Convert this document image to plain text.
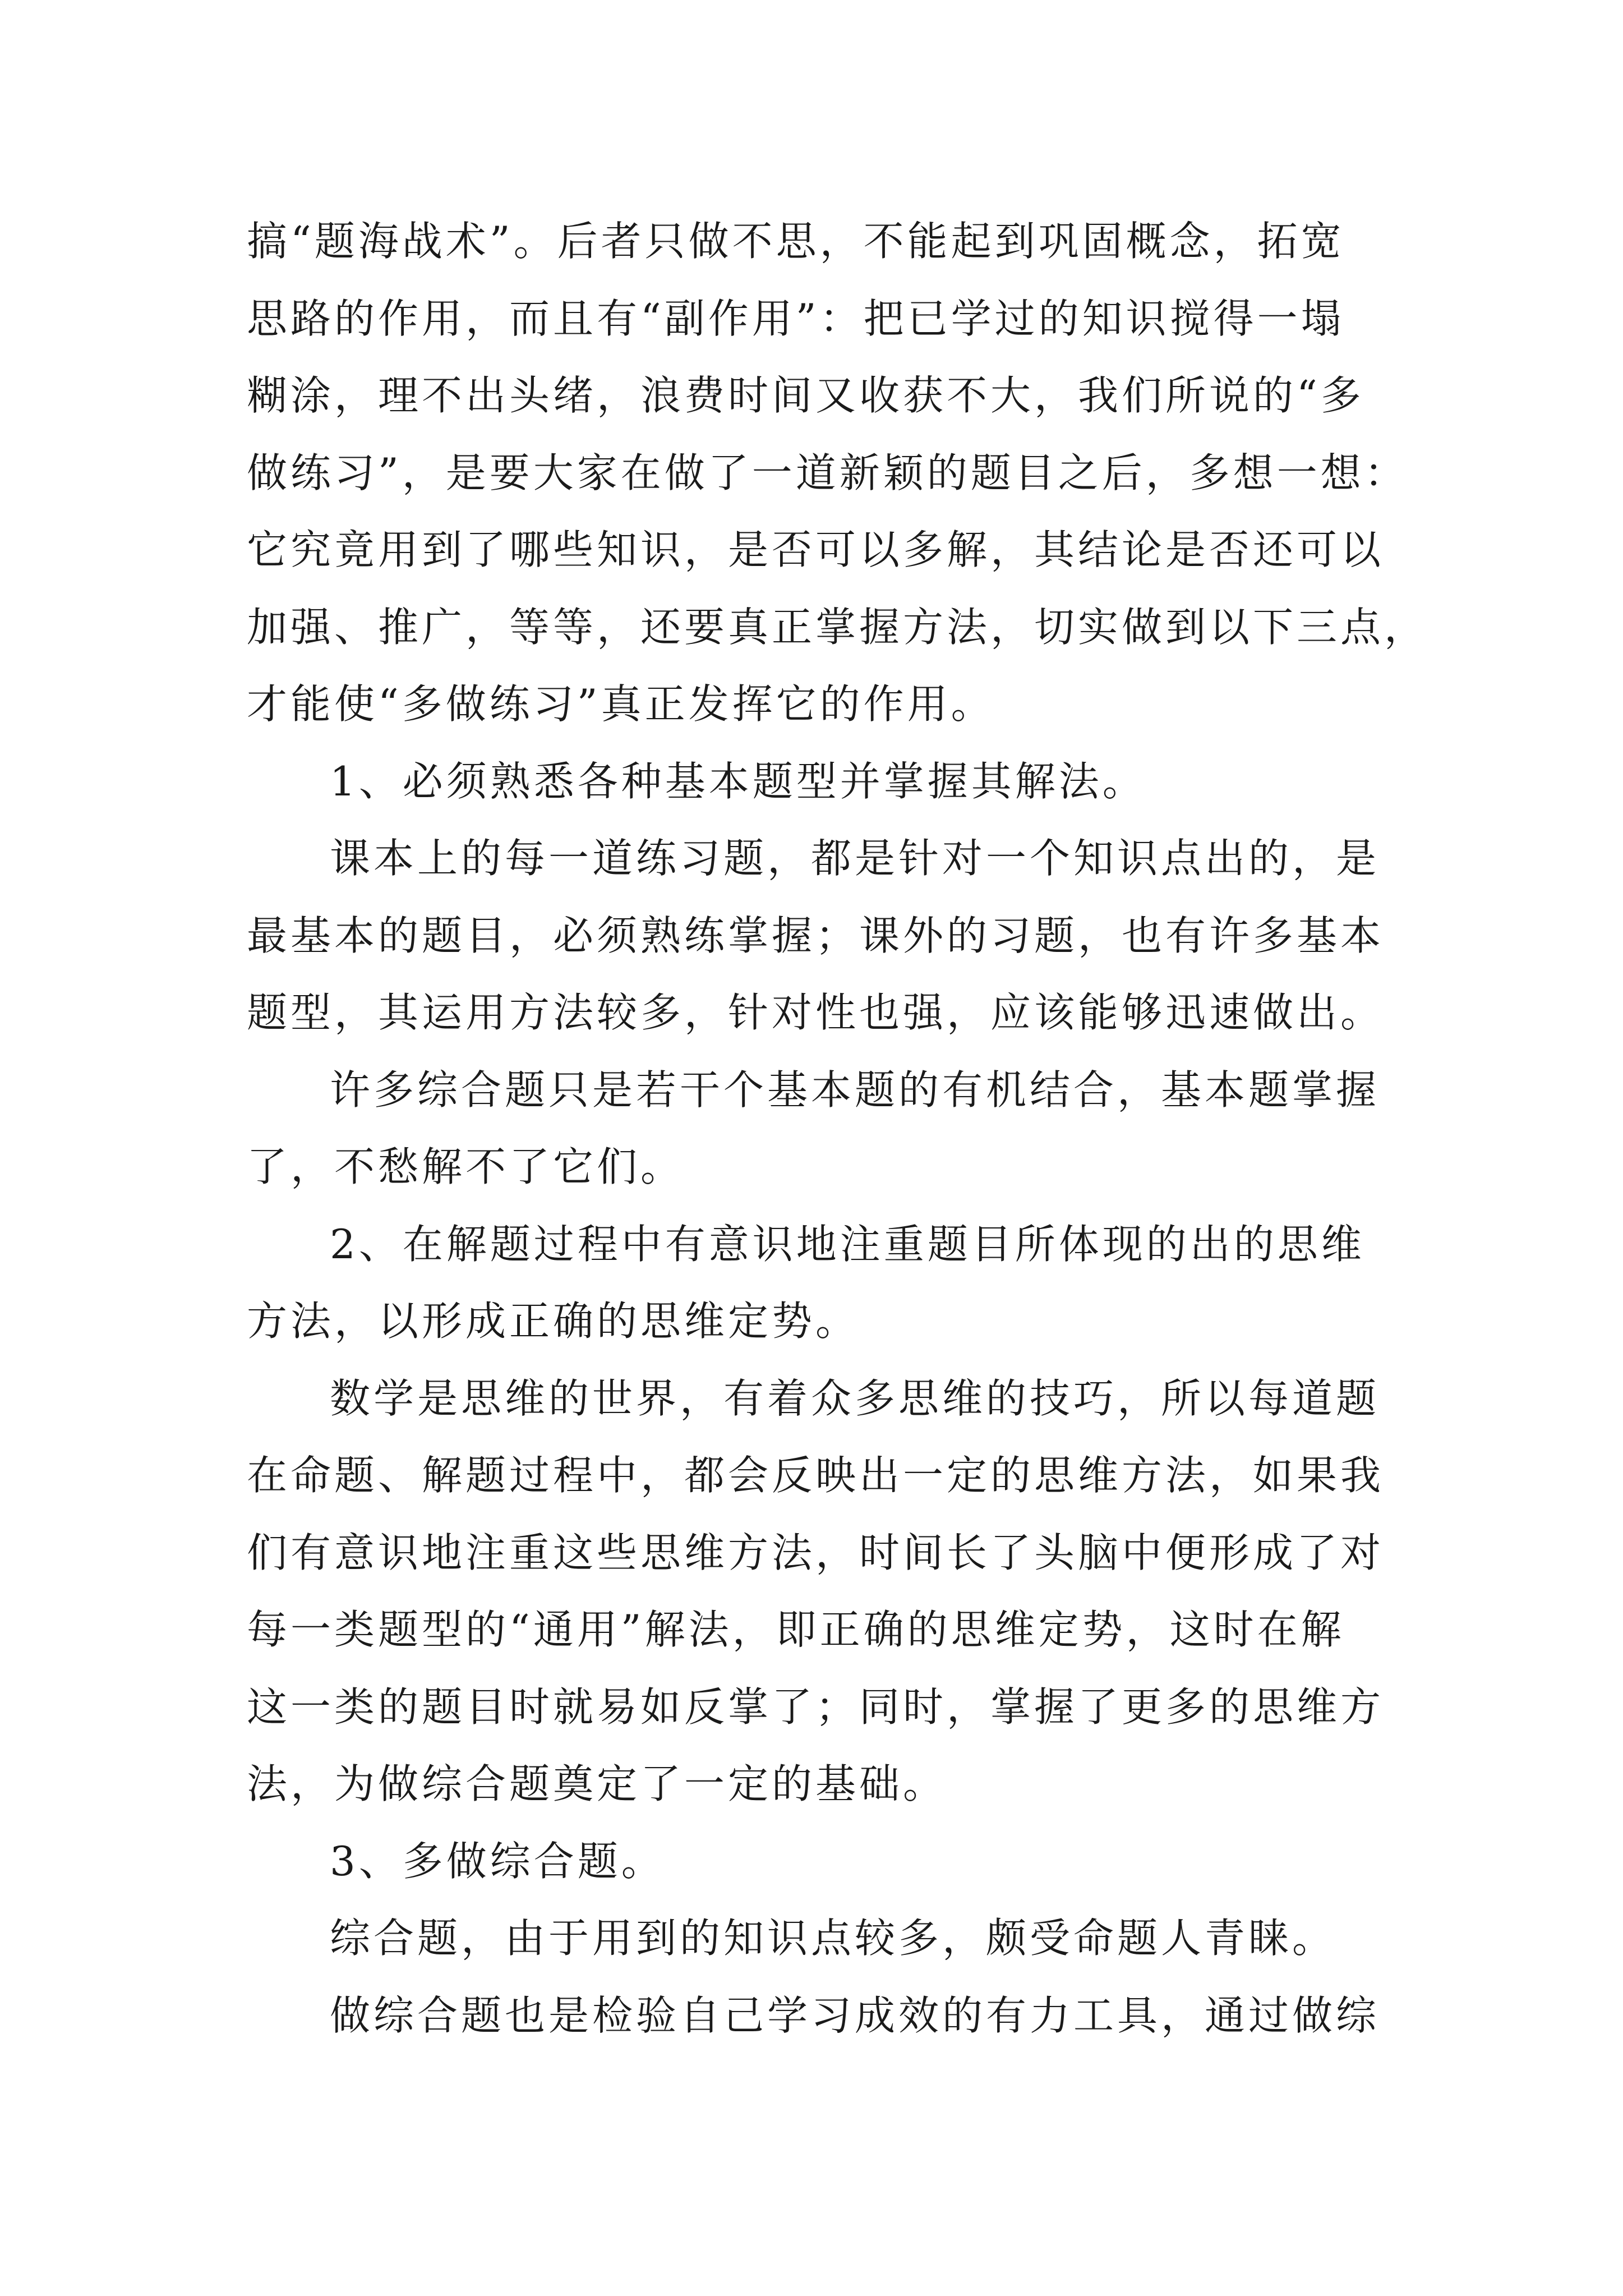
搞“题海战术”。后者只做不思，不能起到巩固概念，拓宽
思路的作用，而且有“副作用”：把已学过的知识搅得一塌
糊涂，理不出头绪，浪费时间又收获不大，我们所说的“多
做练习”，是要大家在做了一道新颖的题目之后，多想一想：
它究竟用到了哪些知识，是否可以多解，其结论是否还可以
加强、推广，等等，还要真正掌握方法，切实做到以下三点，
才能使“多做练习”真正发挥它的作用。
1、必须熟悉各种基本题型并掌握其解法。
课本上的每一道练习题，都是针对一个知识点出的，是
最基本的题目，必须熟练掌握；课外的习题，也有许多基本
题型，其运用方法较多，针对性也强，应该能够迅速做出。
许多综合题只是若干个基本题的有机结合，基本题掌握
了，不愁解不了它们。
2、在解题过程中有意识地注重题目所体现的出的思维
方法，以形成正确的思维定势。
数学是思维的世界，有着众多思维的技巧，所以每道题
在命题、解题过程中，都会反映出一定的思维方法，如果我
们有意识地注重这些思维方法，时间长了头脑中便形成了对
每一类题型的“通用”解法，即正确的思维定势，这时在解
这一类的题目时就易如反掌了；同时，掌握了更多的思维方
法，为做综合题奠定了一定的基础。
3、多做综合题。
综合题，由于用到的知识点较多，颇受命题人青睐。
做综合题也是检验自己学习成效的有力工具，通过做综
